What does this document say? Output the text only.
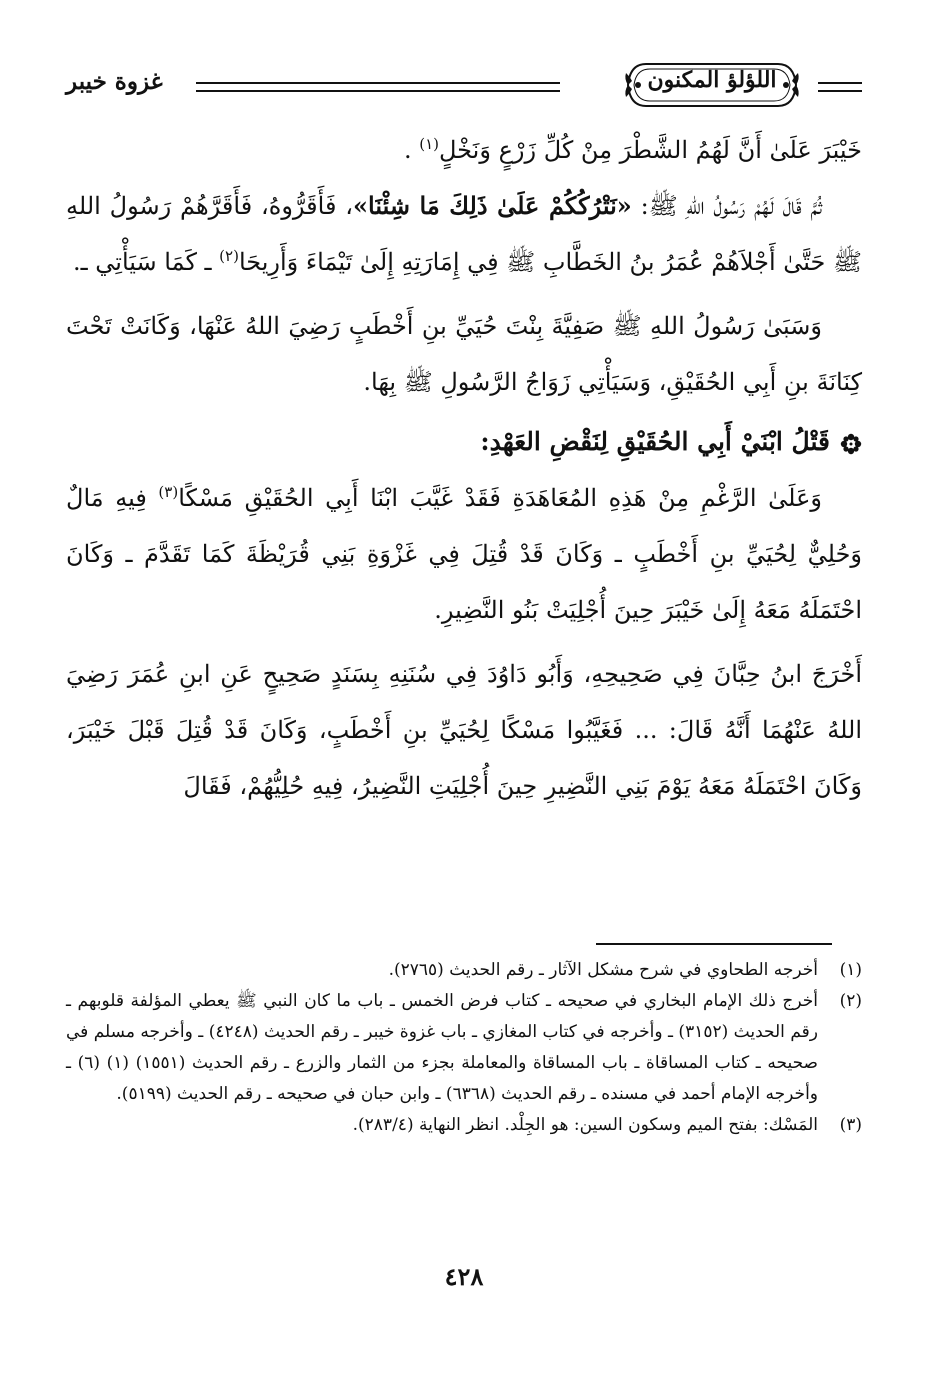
اللؤلؤ المكنون
غزوة خيبر

خَيْبَرَ عَلَىٰ أَنَّ لَهُمُ الشَّطْرَ مِنْ كُلِّ زَرْعٍ وَنَخْلٍ$^{(١)}$ .

ثُمَّ قَالَ لَهُمْ رَسُولُ اللهِ ﷺ: «نَتْرُكُكُمْ عَلَىٰ ذَلِكَ مَا شِئْنَا»، فَأَقَرُّوهُ، فَأَقَرَّهُمْ رَسُولُ اللهِ ﷺ حَتَّىٰ أَجْلاَهُمْ عُمَرُ بنُ الخَطَّابِ ﷺ فِي إِمَارَتِهِ إِلَىٰ تَيْمَاءَ وَأَرِيحَا$^{(٢)}$ ـ كَمَا سَيَأْتِي ـ.

وَسَبَىٰ رَسُولُ اللهِ ﷺ صَفِيَّةَ بِنْتَ حُيَيِّ بنِ أَخْطَبٍ رَضِيَ اللهُ عَنْهَا، وَكَانَتْ تَحْتَ كِنَانَةَ بنِ أَبِي الحُقَيْقِ، وَسَيَأْتِي زَوَاجُ الرَّسُولِ ﷺ بِهَا.

قَتْلُ ابْنَيْ أَبِي الحُقَيْقِ لِنَقْضِ العَهْدِ:

وَعَلَىٰ الرَّغْمِ مِنْ هَذِهِ المُعَاهَدَةِ فَقَدْ غَيَّبَ ابْنَا أَبِي الحُقَيْقِ مَسْكًا$^{(٣)}$ فِيهِ مَالٌ وَحُلِيٌّ لِحُيَيِّ بنِ أَخْطَبٍ ـ وَكَانَ قَدْ قُتِلَ فِي غَزْوَةِ بَنِي قُرَيْظَةَ كَمَا تَقَدَّمَ ـ وَكَانَ احْتَمَلَهُ مَعَهُ إِلَىٰ خَيْبَرَ حِينَ أُجْلِيَتْ بَنُو النَّضِيرِ.

أَخْرَجَ ابنُ حِبَّانَ فِي صَحِيحِهِ، وَأَبُو دَاوُدَ فِي سُنَنِهِ بِسَنَدٍ صَحِيحٍ عَنِ ابنِ عُمَرَ رَضِيَ اللهُ عَنْهُمَا أَنَّهُ قَالَ: ... فَغَيَّبُوا مَسْكًا لِحُيَيِّ بنِ أَخْطَبٍ، وَكَانَ قَدْ قُتِلَ قَبْلَ خَيْبَرَ، وَكَانَ احْتَمَلَهُ مَعَهُ يَوْمَ بَنِي النَّضِيرِ حِينَ أُجْلِيَتِ النَّضِيرُ، فِيهِ حُلِيُّهُمْ، فَقَالَ

(١)
أخرجه الطحاوي في شرح مشكل الآثار ـ رقم الحديث (٢٧٦٥).

(٢)
أخرج ذلك الإمام البخاري في صحيحه ـ كتاب فرض الخمس ـ باب ما كان النبي ﷺ يعطي المؤلفة قلوبهم ـ رقم الحديث (٣١٥٢) ـ وأخرجه في كتاب المغازي ـ باب غزوة خيبر ـ رقم الحديث (٤٢٤٨) ـ وأخرجه مسلم في صحيحه ـ كتاب المساقاة ـ باب المساقاة والمعاملة بجزء من الثمار والزرع ـ رقم الحديث (١٥٥١) (١) (٦) ـ وأخرجه الإمام أحمد في مسنده ـ رقم الحديث (٦٣٦٨) ـ وابن حبان في صحيحه ـ رقم الحديث (٥١٩٩).

(٣)
المَسْك: بفتح الميم وسكون السين: هو الجِلْد. انظر النهاية (٢٨٣/٤).

٤٢٨
